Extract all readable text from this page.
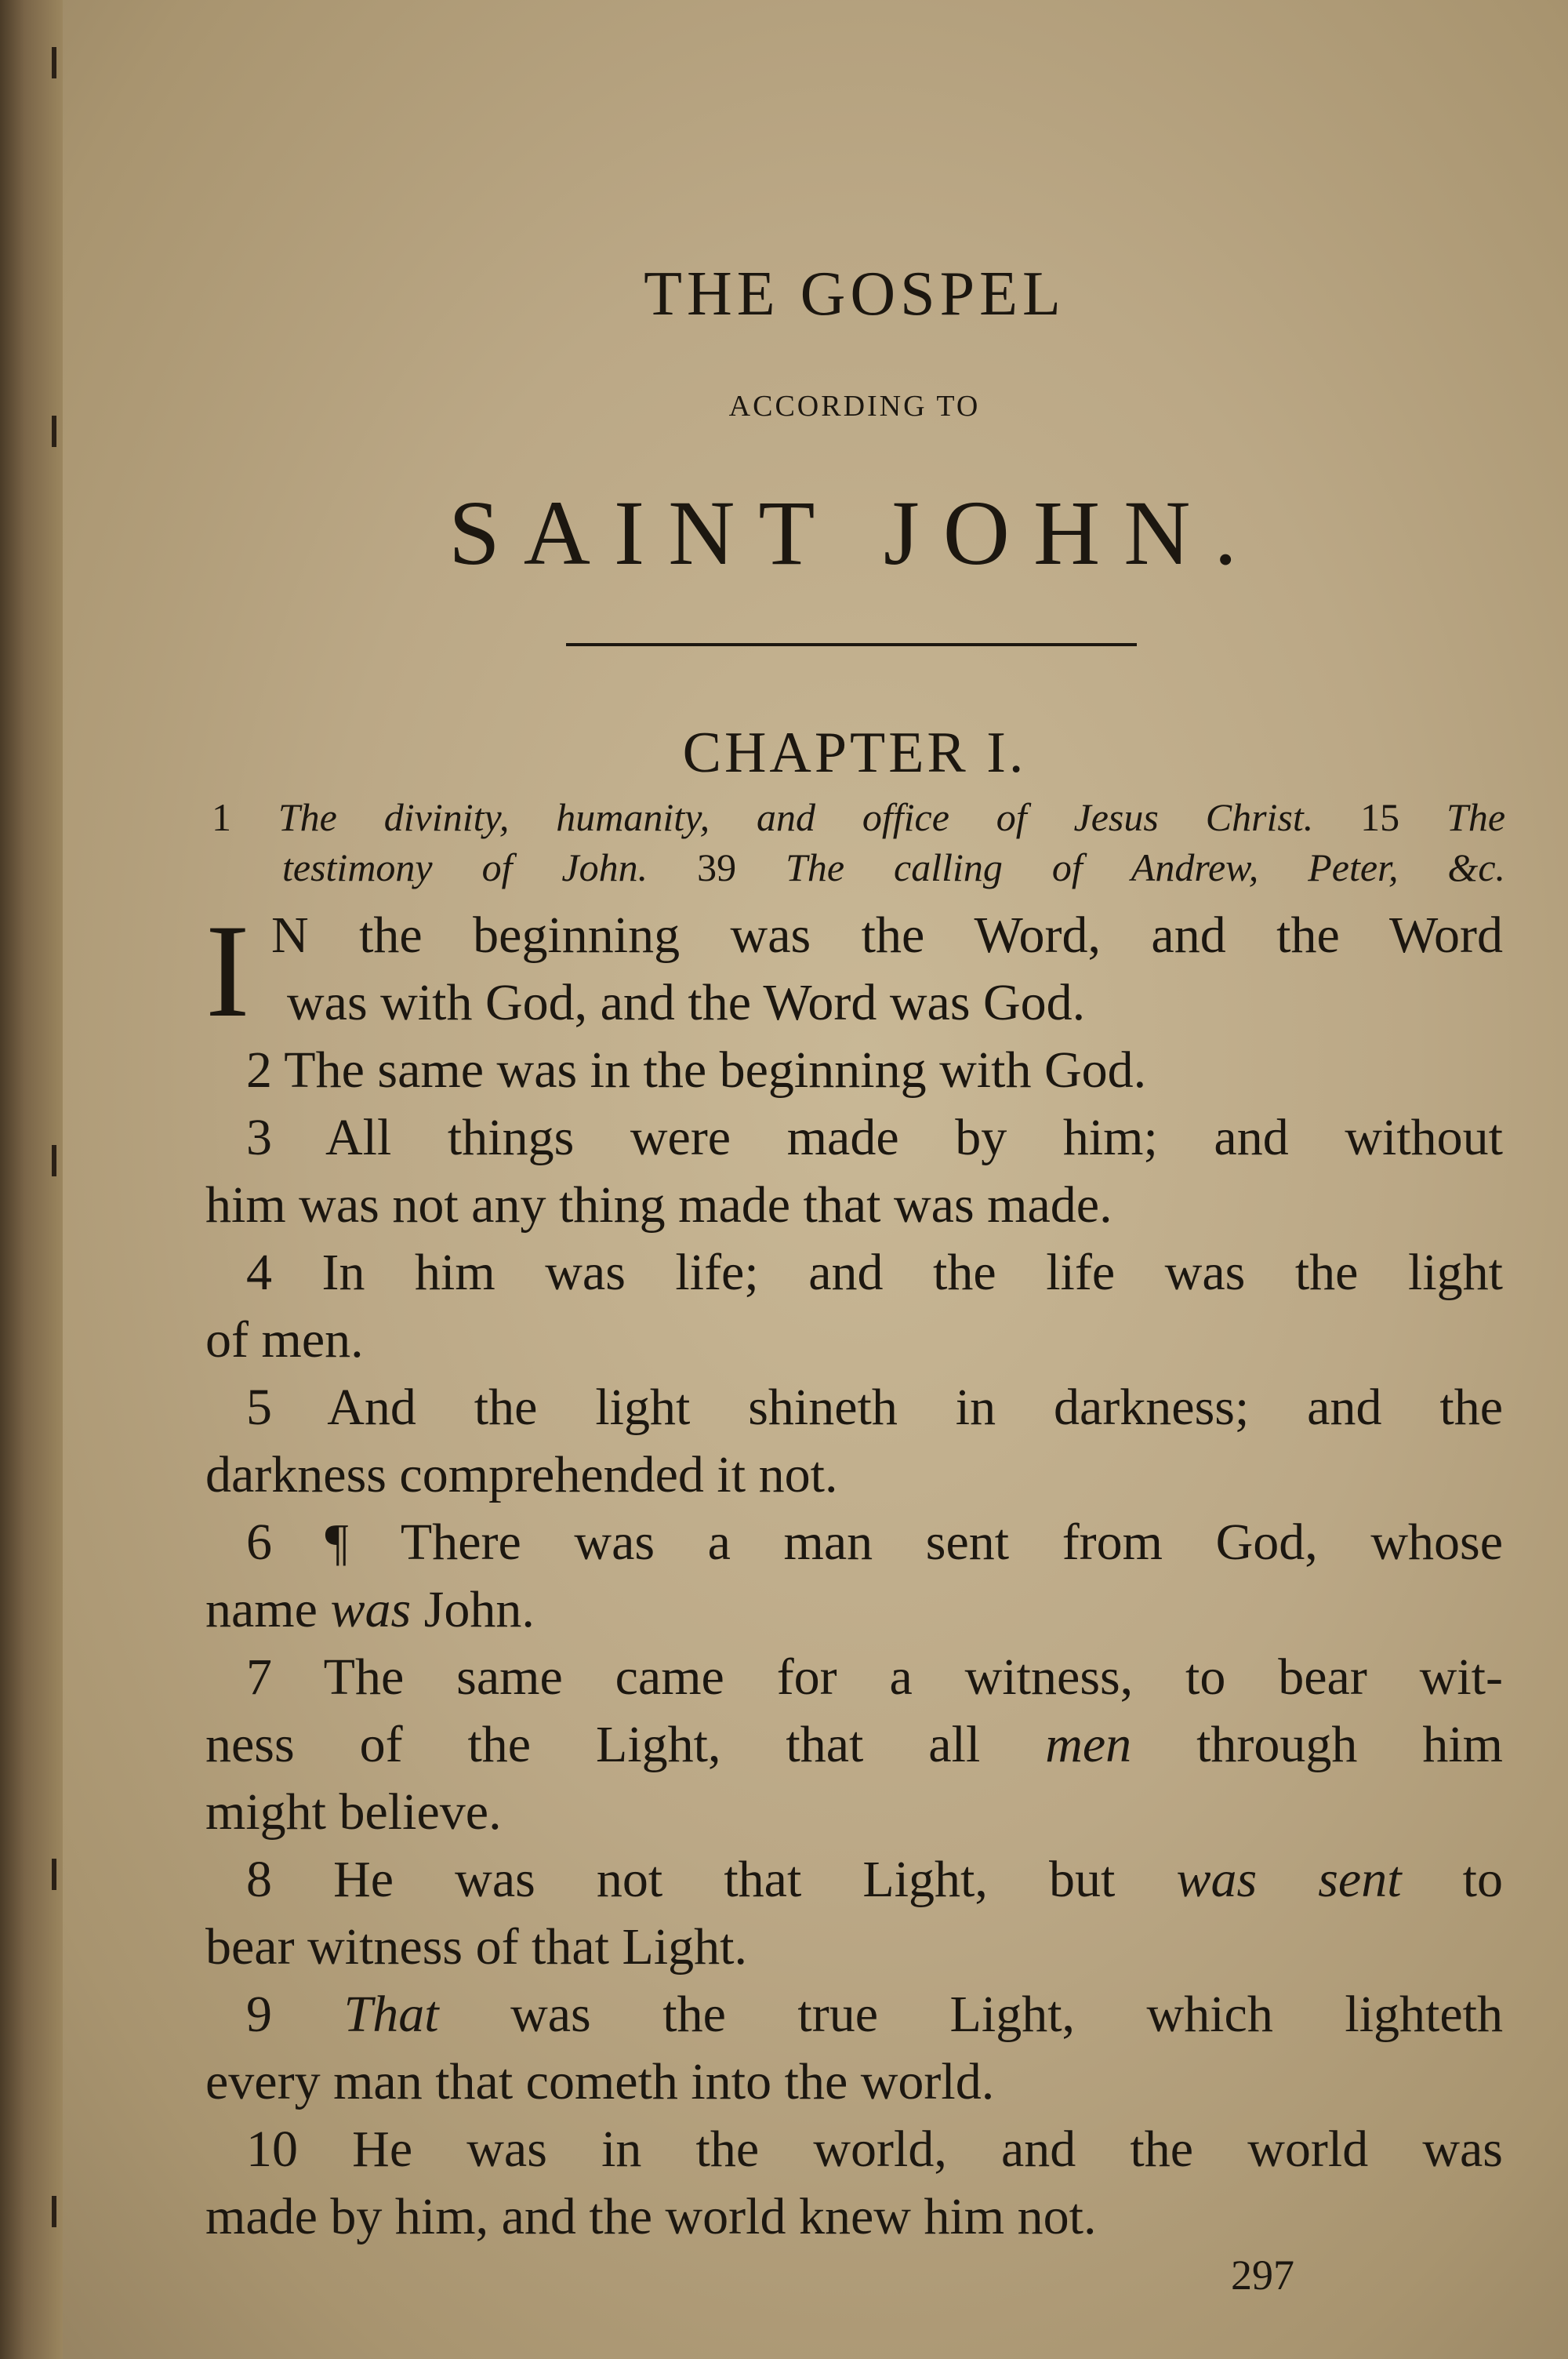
THE GOSPEL
ACCORDING TO
SAINT JOHN.
CHAPTER I.
1 The divinity, humanity, and office of Jesus Christ. 15 The
testimony of John. 39 The calling of Andrew, Peter, &c.
I N the beginning was the Word, and the Word
was with God, and the Word was God.
2 The same was in the beginning with God.
3 All things were made by him; and without
him was not any thing made that was made.
4 In him was life; and the life was the light
of men.
5 And the light shineth in darkness; and the
darkness comprehended it not.
6 ¶ There was a man sent from God, whose
name was John.
7 The same came for a witness, to bear wit-
ness of the Light, that all men through him
might believe.
8 He was not that Light, but was sent to
bear witness of that Light.
9 That was the true Light, which lighteth
every man that cometh into the world.
10 He was in the world, and the world was
made by him, and the world knew him not.
297
